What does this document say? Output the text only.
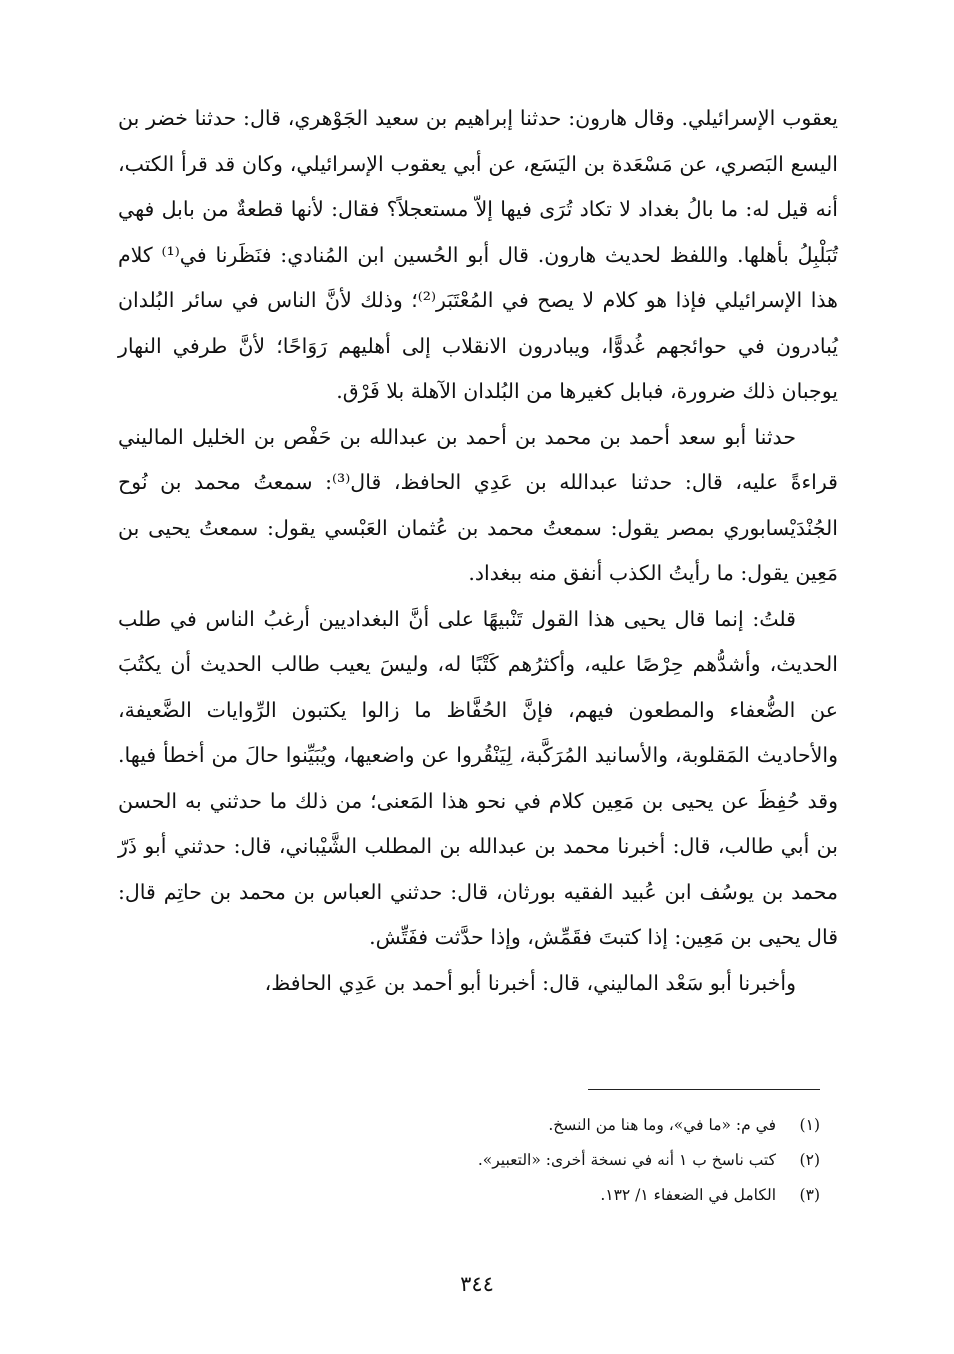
يعقوب الإسرائيلي. وقال هارون: حدثنا إبراهيم بن سعيد الجَوْهري، قال: حدثنا خضر بن اليسع البَصري، عن مَسْعَدة بن اليَسَع، عن أبي يعقوب الإسرائيلي، وكان قد قرأ الكتب، أنه قيل له: ما بالُ بغداد لا تكاد تُرَى فيها إلاّ مستعجلاً؟ فقال: لأنها قطعةٌ من بابل فهي تُبَلْبِلُ بأهلها. واللفظ لحديث هارون. قال أبو الحُسين ابن المُنادي: فنَظَرنا في⁽¹⁾ كلام هذا الإسرائيلي فإذا هو كلام لا يصح في المُعْتَبَر⁽²⁾؛ وذلك لأنَّ الناس في سائر البُلدان يُبادرون في حوائجهم غُدوًّا، ويبادرون الانقلاب إلى أهليهم رَوَاحًا؛ لأنَّ طرفي النهار يوجبان ذلك ضرورة، فبابل كغيرها من البُلدان الآهلة بلا فَرْق.

حدثنا أبو سعد أحمد بن محمد بن أحمد بن عبدالله بن حَفْص بن الخليل الماليني قراءةً عليه، قال: حدثنا عبدالله بن عَدِي الحافظ، قال⁽³⁾: سمعتُ محمد بن نُوح الجُنْدَيْسابوري بمصر يقول: سمعتُ محمد بن عُثمان العَبْسي يقول: سمعتُ يحيى بن مَعِين يقول: ما رأيتُ الكذب أنفق منه ببغداد.

قلتُ: إنما قال يحيى هذا القول تَنْبيهًا على أنَّ البغداديين أرغبُ الناس في طلب الحديث، وأشدُّهم حِرْصًا عليه، وأكثرُهم كَتْبًا له، وليسَ يعيب طالب الحديث أن يكتُبَ عن الضُّعفاء والمطعون فيهم، فإنَّ الحُفَّاظ ما زالوا يكتبون الرِّوايات الضَّعيفة، والأحاديث المَقلوبة، والأسانيد المُرَكَّبة، لِيَنْقُروا عن واضعيها، ويُبَيِّنوا حالَ من أخطأ فيها. وقد حُفِظَ عن يحيى بن مَعِين كلام في نحو هذا المَعنى؛ من ذلك ما حدثني به الحسن بن أبي طالب، قال: أخبرنا محمد بن عبدالله بن المطلب الشَّيْباني، قال: حدثني أبو ذَرّ محمد بن يوسُف ابن عُبيد الفقيه بورثان، قال: حدثني العباس بن محمد بن حاتِم قال: قال يحيى بن مَعِين: إذا كتبتَ فقَمِّش، وإذا حدَّثت ففَتِّش.

وأخبرنا أبو سَعْد الماليني، قال: أخبرنا أبو أحمد بن عَدِي الحافظ،

(١)
في م: «ما في»، وما هنا من النسخ.
(٢)
كتب ناسخ ب ١ أنه في نسخة أخرى: «التعبير».
(٣)
الكامل في الضعفاء ١/ ١٣٢.
٣٤٤
